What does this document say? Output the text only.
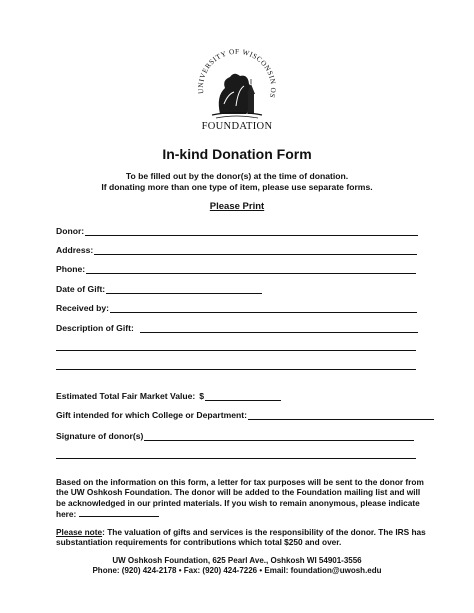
UNIVERSITY OF WISCONSIN OS
FOUNDATION
In-kind Donation Form
To be filled out by the donor(s) at the time of donation.
If donating more than one type of item, please use separate forms.
Please Print
Donor:
Address:
Phone:
Date of Gift:
Received by:
Description of Gift:
Estimated Total Fair Market Value: $
Gift intended for which College or Department:
Signature of donor(s)
Based on the information on this form, a letter for tax purposes will be sent to the donor from the UW Oshkosh Foundation. The donor will be added to the Foundation mailing list and will be acknowledged in our printed materials. If you wish to remain anonymous, please indicate here:
Please note: The valuation of gifts and services is the responsibility of the donor. The IRS has substantiation requirements for contributions which total $250 and over.
UW Oshkosh Foundation, 625 Pearl Ave., Oshkosh WI 54901-3556
Phone: (920) 424-2178 • Fax: (920) 424-7226 • Email: foundation@uwosh.edu
